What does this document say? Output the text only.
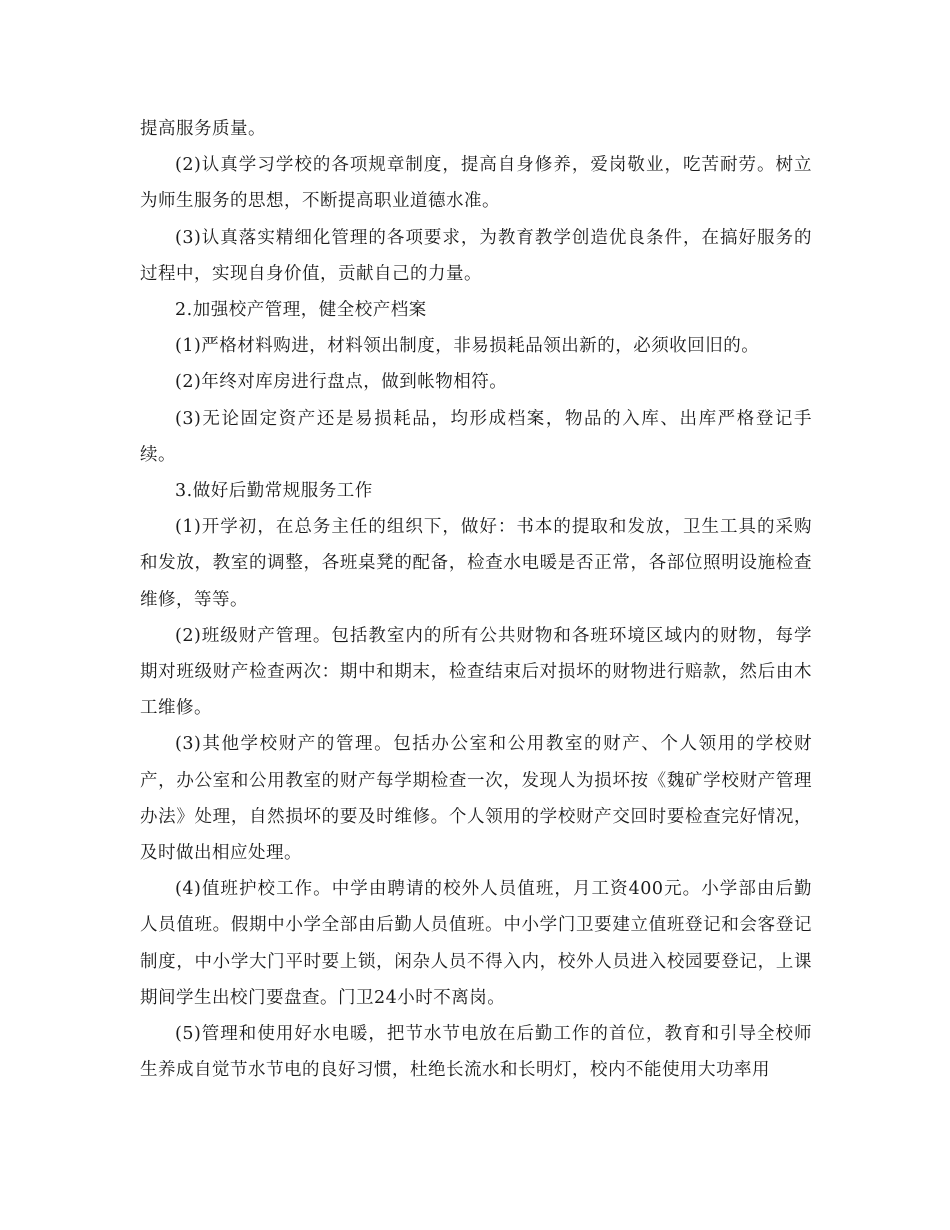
提高服务质量。

(2)认真学习学校的各项规章制度，提高自身修养，爱岗敬业，吃苦耐劳。树立为师生服务的思想，不断提高职业道德水准。

(3)认真落实精细化管理的各项要求，为教育教学创造优良条件，在搞好服务的过程中，实现自身价值，贡献自己的力量。

2.加强校产管理，健全校产档案

(1)严格材料购进，材料领出制度，非易损耗品领出新的，必须收回旧的。

(2)年终对库房进行盘点，做到帐物相符。

(3)无论固定资产还是易损耗品，均形成档案，物品的入库、出库严格登记手续。

3.做好后勤常规服务工作

(1)开学初，在总务主任的组织下，做好：书本的提取和发放，卫生工具的采购和发放，教室的调整，各班桌凳的配备，检查水电暖是否正常，各部位照明设施检查维修，等等。

(2)班级财产管理。包括教室内的所有公共财物和各班环境区域内的财物，每学期对班级财产检查两次：期中和期末，检查结束后对损坏的财物进行赔款，然后由木工维修。

(3)其他学校财产的管理。包括办公室和公用教室的财产、个人领用的学校财产，办公室和公用教室的财产每学期检查一次，发现人为损坏按《魏矿学校财产管理办法》处理，自然损坏的要及时维修。个人领用的学校财产交回时要检查完好情况，及时做出相应处理。

(4)值班护校工作。中学由聘请的校外人员值班，月工资400元。小学部由后勤人员值班。假期中小学全部由后勤人员值班。中小学门卫要建立值班登记和会客登记制度，中小学大门平时要上锁，闲杂人员不得入内，校外人员进入校园要登记，上课期间学生出校门要盘查。门卫24小时不离岗。

(5)管理和使用好水电暖，把节水节电放在后勤工作的首位，教育和引导全校师生养成自觉节水节电的良好习惯，杜绝长流水和长明灯，校内不能使用大功率用
